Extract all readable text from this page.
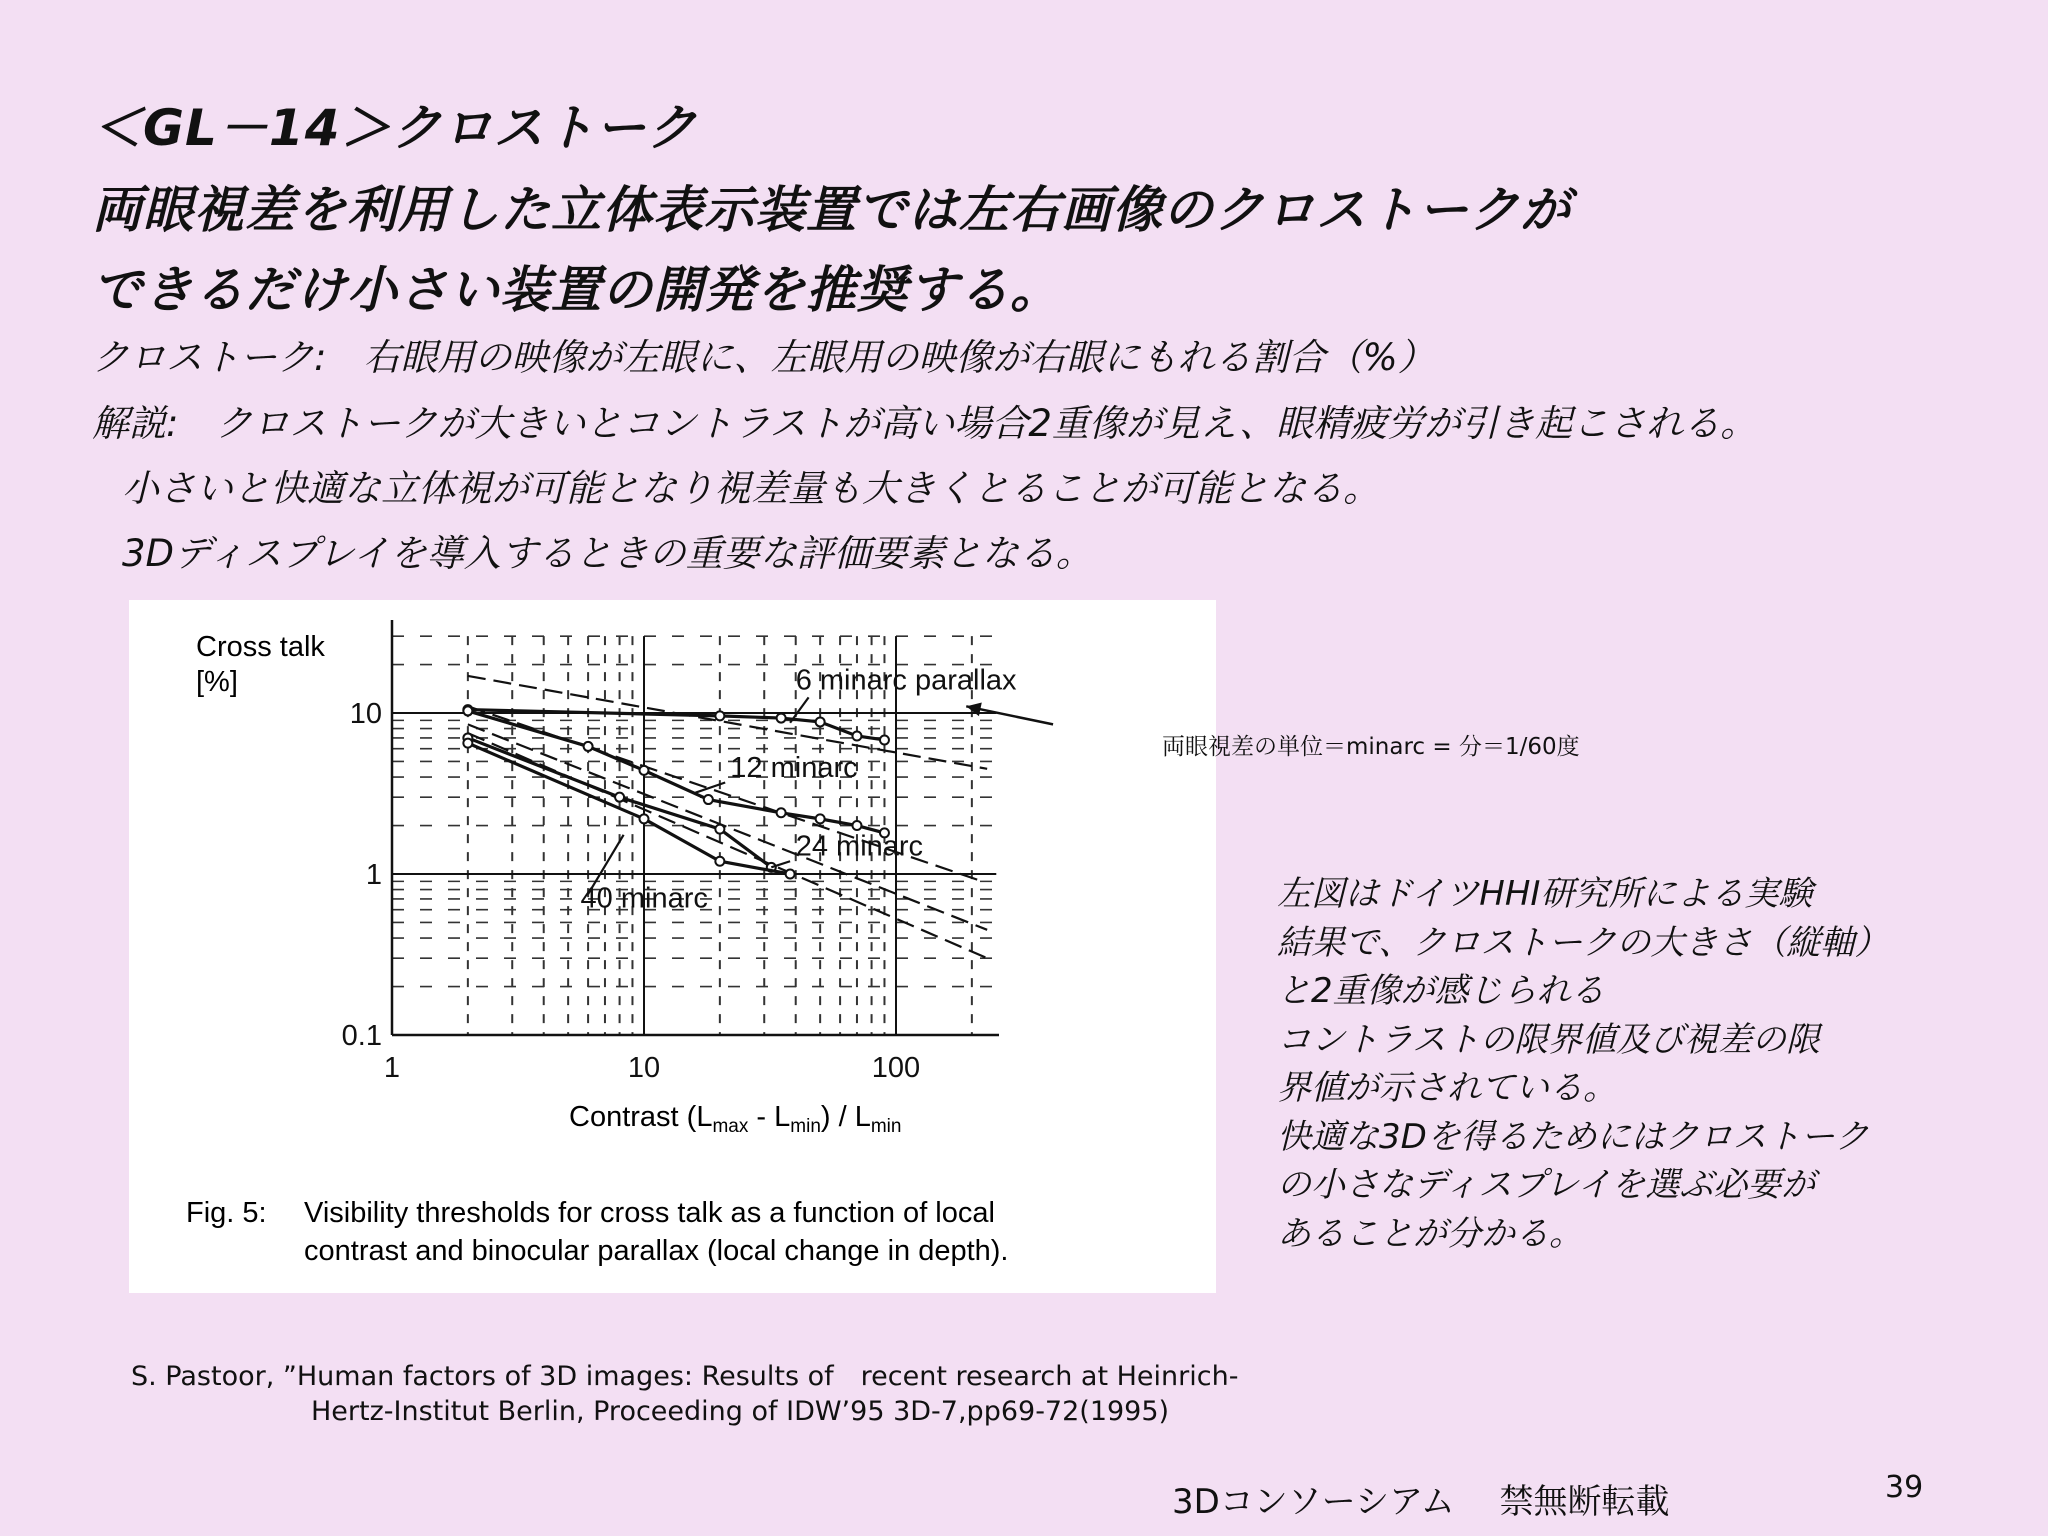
＜GL－14＞クロストーク
両眼視差を利用した立体表示装置では左右画像のクロストークが
できるだけ小さい装置の開発を推奨する。
クロストーク:　右眼用の映像が左眼に、左眼用の映像が右眼にもれる割合（%）
解説:　クロストークが大きいとコントラストが高い場合2重像が見え、眼精疲労が引き起こされる。
小さいと快適な立体視が可能となり視差量も大きくとることが可能となる。
3Dディスプレイを導入するときの重要な評価要素となる。
1	10	100
0.1
1
10
6 minarc parallax
12 minarc
24 minarc
40 minarc
Cross talk
[%]
Contrast $(L_{max} - L_{min}) / L_{min}$
Fig. 5: Visibility thresholds for cross talk as a function of local
contrast and binocular parallax (local change in depth).
両眼視差の単位＝minarc = 分＝1/60度
左図はドイツHHI研究所による実験
結果で、クロストークの大きさ（縦軸）
と2重像が感じられる
コントラストの限界値及び視差の限
界値が示されている。
快適な3Dを得るためにはクロストーク
の小さなディスプレイを選ぶ必要が
あることが分かる。
S. Pastoor, ”Human factors of 3D images: Results of　recent research at Heinrich-
Hertz-Institut Berlin, Proceeding of IDW’95 3D-7,pp69-72(1995)
3Dコンソーシアム　 禁無断転載	39
